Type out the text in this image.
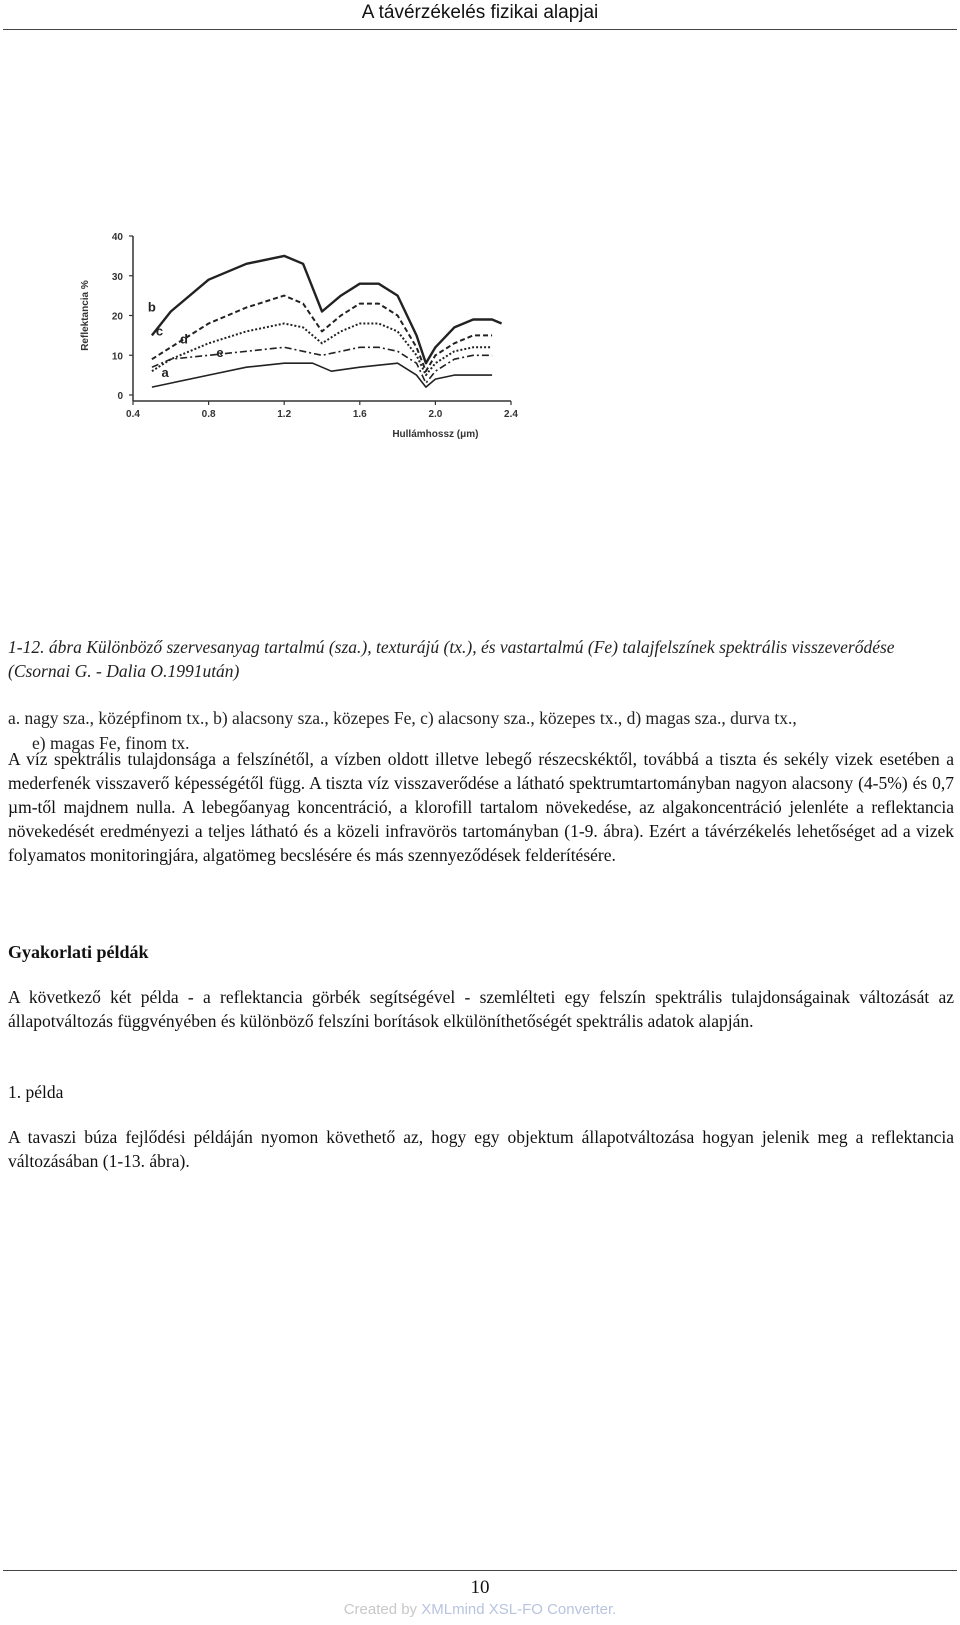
A távérzékelés fizikai alapjai
0
10
20
30
40
0.4	0.8	1.2	1.6	2.0	2.4
Reflektancia %
Hullámhossz (μm)
a
b
c
d
e
1-12. ábra Különböző szervesanyag tartalmú (sza.), texturájú (tx.), és vastartalmú (Fe) talajfelszínek spektrális visszeverődése (Csornai G. - Dalia O.1991után)
a. nagy sza., középfinom tx., b) alacsony sza., közepes Fe, c) alacsony sza., közepes tx., d) magas sza., durva tx.,
e) magas Fe, finom tx.

A víz spektrális tulajdonsága a felszínétől, a vízben oldott illetve lebegő részecskéktől, továbbá a tiszta és sekély vizek esetében a mederfenék visszaverő képességétől függ. A tiszta víz visszaverődése a látható spektrumtartományban nagyon alacsony (4-5%) és 0,7 µm-től majdnem nulla. A lebegőanyag koncentráció, a klorofill tartalom növekedése, az algakoncentráció jelenléte a reflektancia növekedését eredményezi a teljes látható és a közeli infravörös tartományban (1-9. ábra). Ezért a távérzékelés lehetőséget ad a vizek folyamatos monitoringjára, algatömeg becslésére és más szennyeződések felderítésére.

Gyakorlati példák

A következő két példa - a reflektancia görbék segítségével - szemlélteti egy felszín spektrális tulajdonságainak változását az állapotváltozás függvényében és különböző felszíni borítások elkülöníthetőségét spektrális adatok alapján.

1. példa

A tavaszi búza fejlődési példáján nyomon követhető az, hogy egy objektum állapotváltozása hogyan jelenik meg a reflektancia változásában (1-13. ábra).

10
Created by XMLmind XSL-FO Converter.
